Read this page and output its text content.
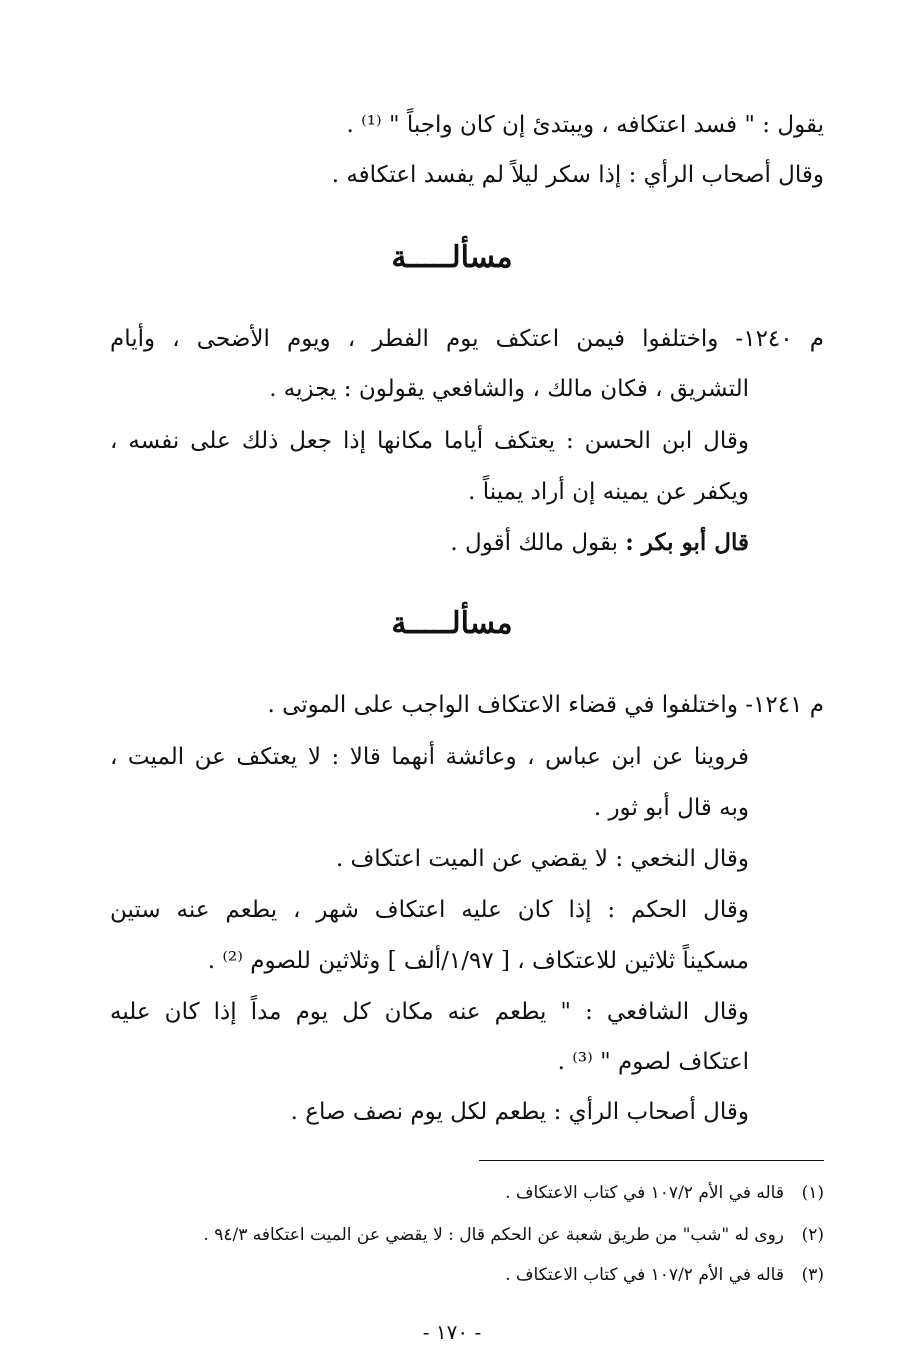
يقول : " فسد اعتكافه ، ويبتدئ إن كان واجباً " ⁽¹⁾ .
وقال أصحاب الرأي : إذا سكر ليلاً لم يفسد اعتكافه .
مسألـــــة
م ١٢٤٠- واختلفوا فيمن اعتكف يوم الفطر ، ويوم الأضحى ، وأيام
التشريق ، فكان مالك ، والشافعي يقولون : يجزيه .
وقال ابن الحسن : يعتكف أياما مكانها إذا جعل ذلك على نفسه ،
ويكفر عن يمينه إن أراد يميناً .
قال أبو بكر : بقول مالك أقول .
مسألـــــة
م ١٢٤١- واختلفوا في قضاء الاعتكاف الواجب على الموتى .
فروينا عن ابن عباس ، وعائشة أنهما قالا : لا يعتكف عن الميت ،
وبه قال أبو ثور .
وقال النخعي : لا يقضي عن الميت اعتكاف .
وقال الحكم : إذا كان عليه اعتكاف شهر ، يطعم عنه ستين
مسكيناً ثلاثين للاعتكاف ، [ ١/٩٧/ألف ] وثلاثين للصوم ⁽²⁾ .
وقال الشافعي : " يطعم عنه مكان كل يوم مداً إذا كان عليه
اعتكاف لصوم " ⁽³⁾ .
وقال أصحاب الرأي : يطعم لكل يوم نصف صاع .
(١)قاله في الأم ١٠٧/٢ في كتاب الاعتكاف .
(٢)روى له "شب" من طريق شعبة عن الحكم قال : لا يقضي عن الميت اعتكافه ٩٤/٣ .
(٣)قاله في الأم ١٠٧/٢ في كتاب الاعتكاف .
- ١٧٠ -
